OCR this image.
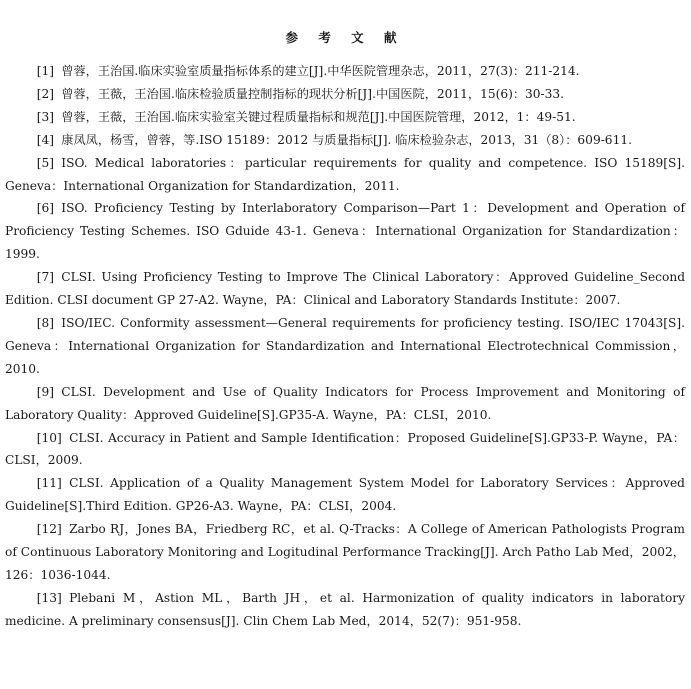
参 考 文 献

[1] 曾蓉，王治国.临床实验室质量指标体系的建立[J].中华医院管理杂志，2011，27(3)：211-214.

[2] 曾蓉，王薇，王治国.临床检验质量控制指标的现状分析[J].中国医院，2011，15(6)：30-33.

[3] 曾蓉，王薇，王治国.临床实验室关键过程质量指标和规范[J].中国医院管理，2012，1：49-51.

[4] 康凤凤，杨雪，曾蓉，等.ISO 15189：2012 与质量指标[J]. 临床检验杂志，2013，31（8）：609-611.

[5] ISO. Medical laboratories：particular requirements for quality and competence. ISO 15189[S]. Geneva：International Organization for Standardization，2011.

[6] ISO. Proficiency Testing by Interlaboratory Comparison—Part 1：Development and Operation of Proficiency Testing Schemes. ISO Gduide 43-1. Geneva：International Organization for Standardization：1999.

[7] CLSI. Using Proficiency Testing to Improve The Clinical Laboratory：Approved Guideline_Second Edition. CLSI document GP 27-A2. Wayne，PA：Clinical and Laboratory Standards Institute：2007.

[8] ISO/IEC. Conformity assessment—General requirements for proficiency testing. ISO/IEC 17043[S]. Geneva：International Organization for Standardization and International Electrotechnical Commission，2010.

[9] CLSI. Development and Use of Quality Indicators for Process Improvement and Monitoring of Laboratory Quality：Approved Guideline[S].GP35-A. Wayne，PA：CLSI，2010.

[10] CLSI. Accuracy in Patient and Sample Identification：Proposed Guideline[S].GP33-P. Wayne，PA：CLSI，2009.

[11] CLSI. Application of a Quality Management System Model for Laboratory Services：Approved Guideline[S].Third Edition. GP26-A3. Wayne，PA：CLSI，2004.

[12] Zarbo RJ，Jones BA，Friedberg RC，et al. Q-Tracks：A College of American Pathologists Program of Continuous Laboratory Monitoring and Logitudinal Performance Tracking[J]. Arch Patho Lab Med，2002，126：1036-1044.

[13] Plebani M，Astion ML，Barth JH，et al. Harmonization of quality indicators in laboratory medicine. A preliminary consensus[J]. Clin Chem Lab Med，2014，52(7)：951-958.
